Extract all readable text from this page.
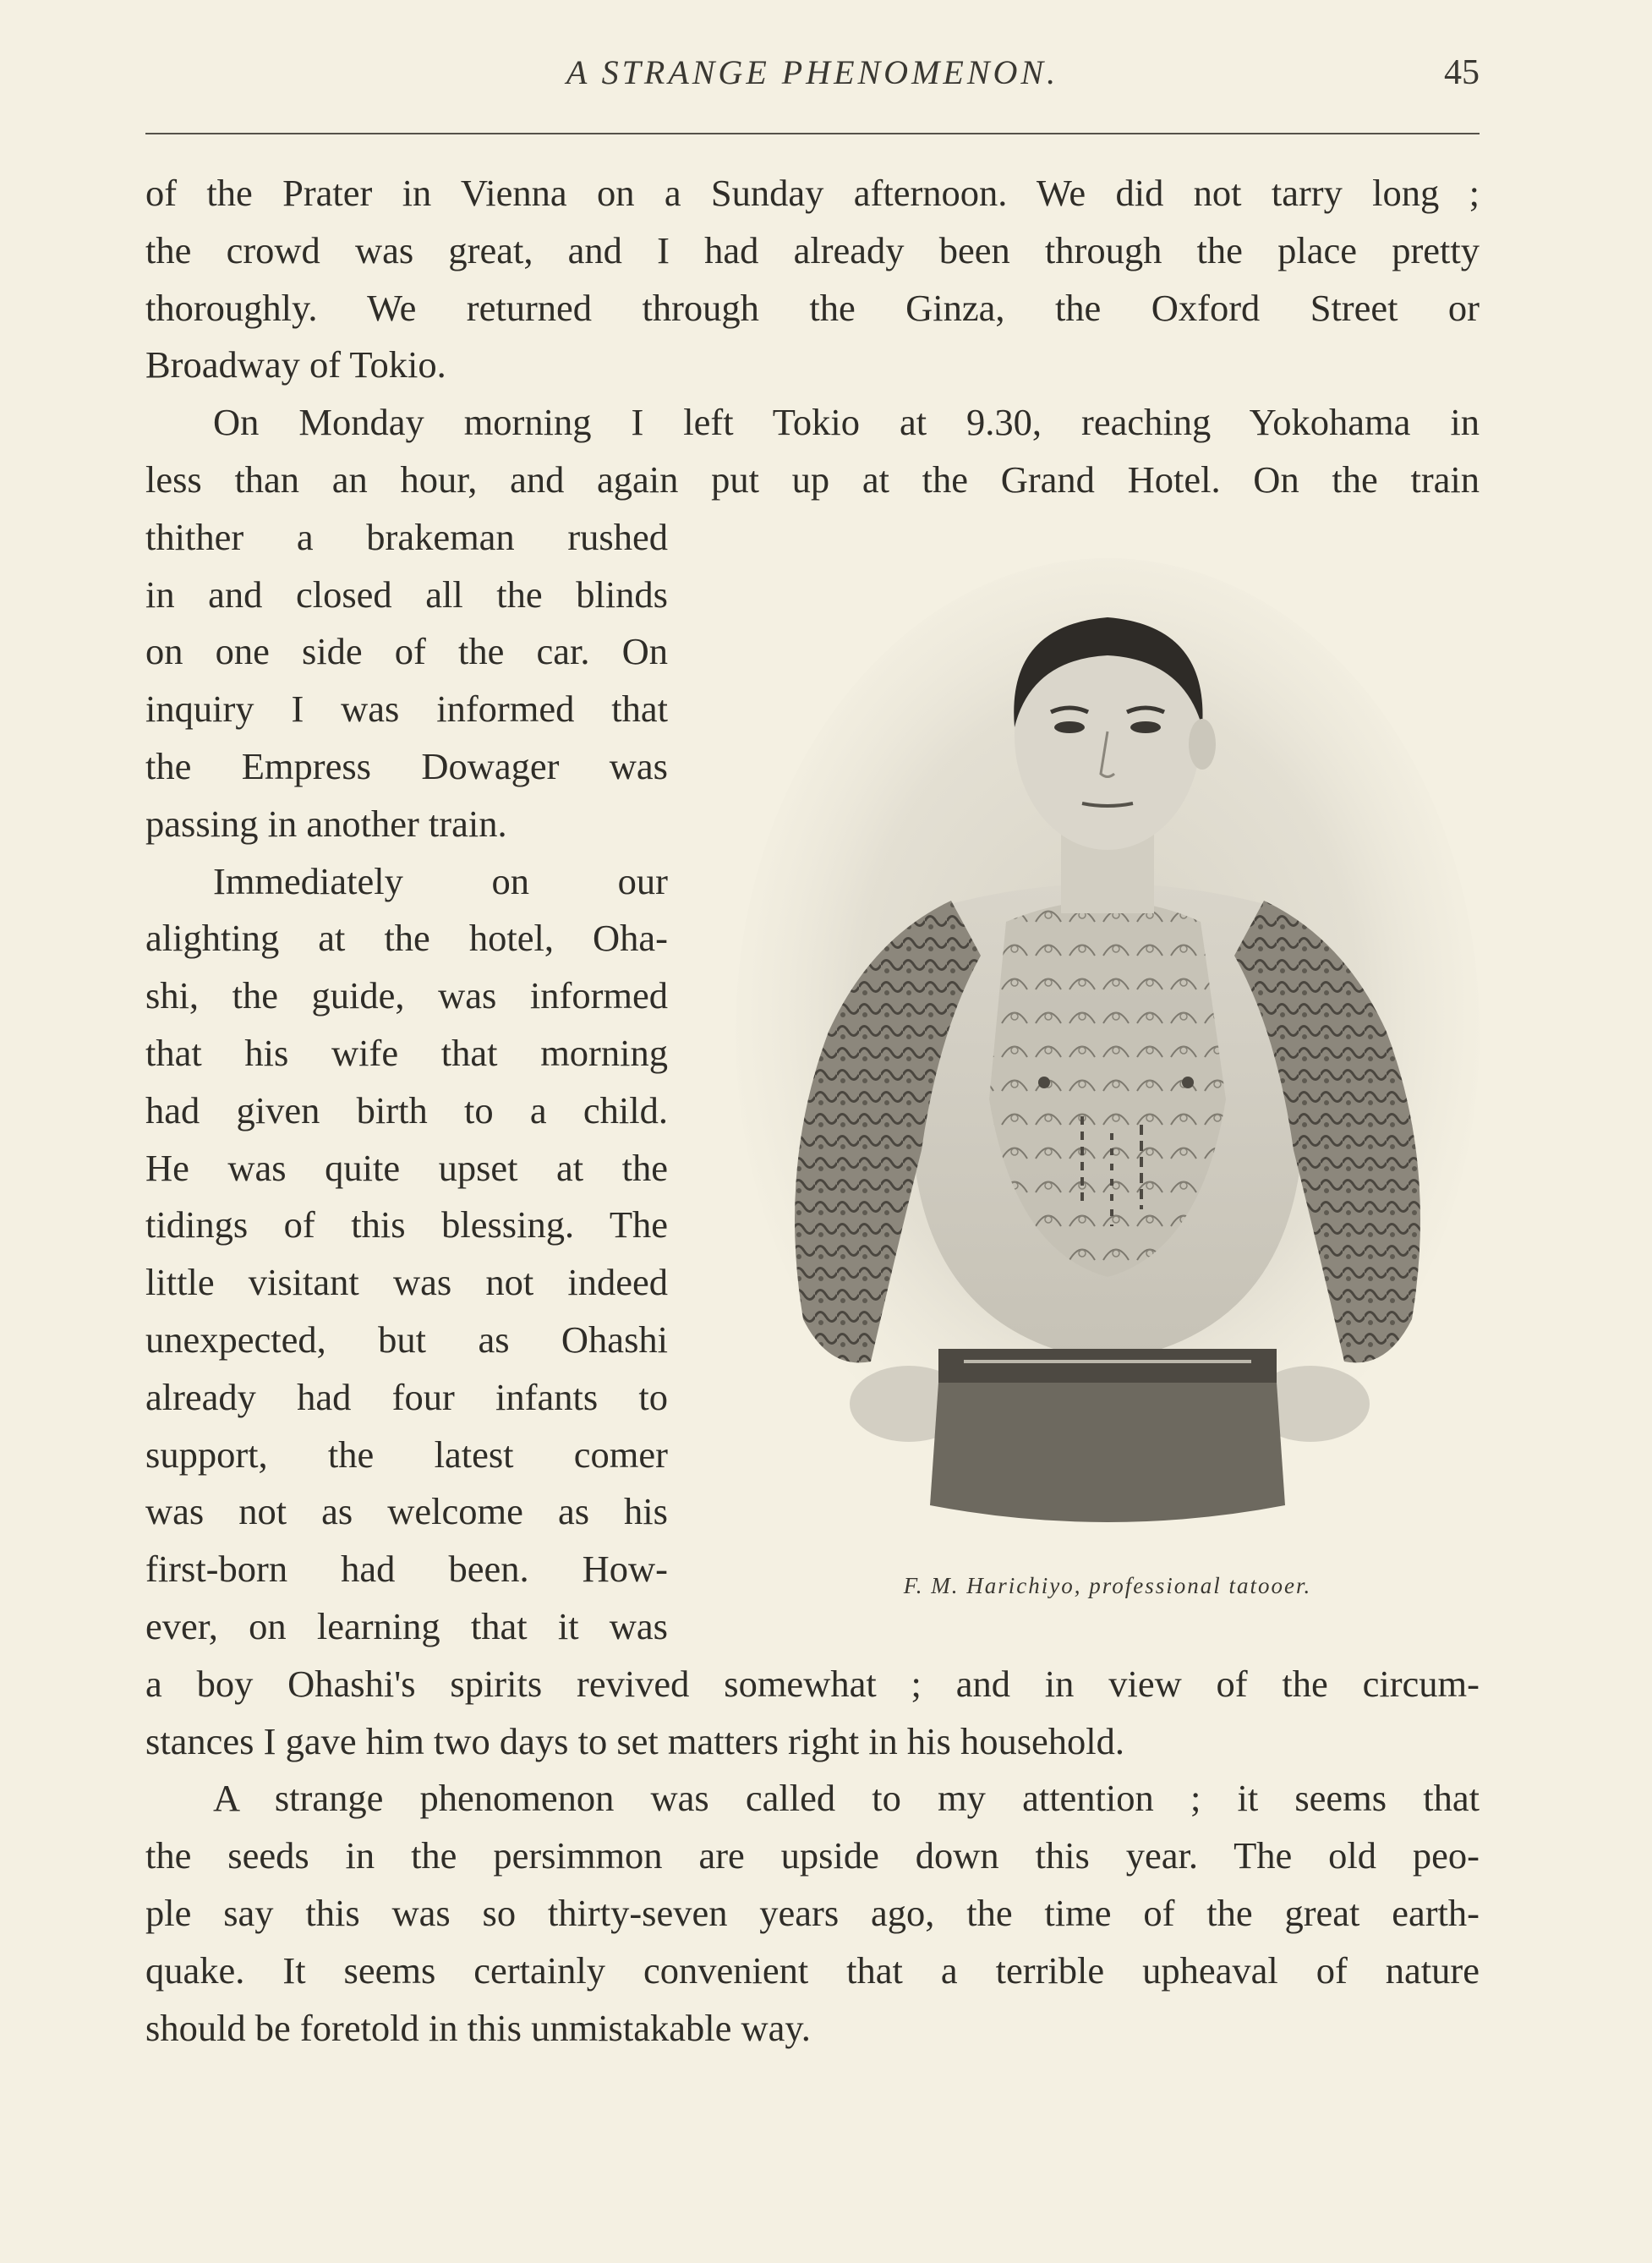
A STRANGE PHENOMENON.	45
of the Prater in Vienna on a Sunday afternoon. We did not tarry long ;
the crowd was great, and I had already been through the place pretty
thoroughly. We returned through the Ginza, the Oxford Street or
Broadway of Tokio.
On Monday morning I left Tokio at 9.30, reaching Yokohama in
less than an hour, and again put up at the Grand Hotel. On the train
thither a brakeman rushed
in and closed all the blinds
on one side of the car. On
inquiry I was informed that
the Empress Dowager was
passing in another train.
Immediately on our
alighting at the hotel, Oha-
shi, the guide, was informed
that his wife that morning
had given birth to a child.
He was quite upset at the
tidings of this blessing. The
little visitant was not indeed
unexpected, but as Ohashi
already had four infants to
support, the latest comer
was not as welcome as his
first-born had been. How-
ever, on learning that it was
a boy Ohashi's spirits revived somewhat ; and in view of the circum-
stances I gave him two days to set matters right in his household.
A strange phenomenon was called to my attention ; it seems that
the seeds in the persimmon are upside down this year. The old peo-
ple say this was so thirty-seven years ago, the time of the great earth-
quake. It seems certainly convenient that a terrible upheaval of nature
should be foretold in this unmistakable way.
F. M. Harichiyo, professional tatooer.
